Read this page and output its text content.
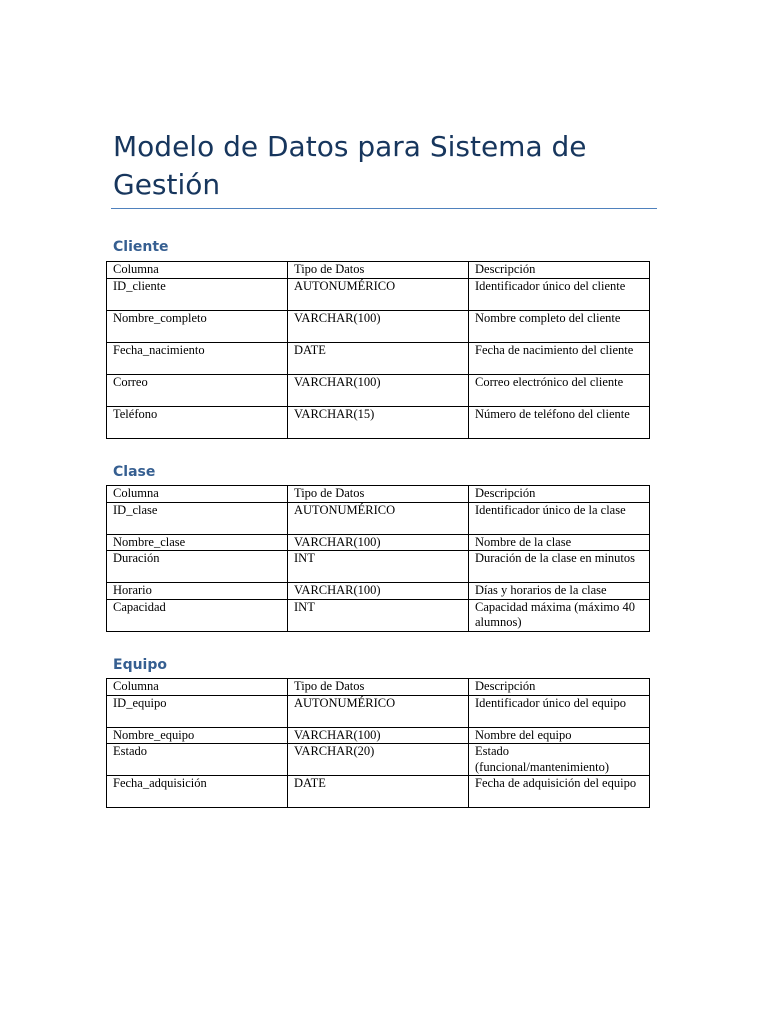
Modelo de Datos para Sistema de Gestión
Cliente
Columna	Tipo de Datos	Descripción
ID_cliente	AUTONUMÉRICO	Identificador único del cliente
Nombre_completo	VARCHAR(100)	Nombre completo del cliente
Fecha_nacimiento	DATE	Fecha de nacimiento del cliente
Correo	VARCHAR(100)	Correo electrónico del cliente
Teléfono	VARCHAR(15)	Número de teléfono del cliente
Clase
Columna	Tipo de Datos	Descripción
ID_clase	AUTONUMÉRICO	Identificador único de la clase
Nombre_clase	VARCHAR(100)	Nombre de la clase
Duración	INT	Duración de la clase en minutos
Horario	VARCHAR(100)	Días y horarios de la clase
Capacidad	INT	Capacidad máxima (máximo 40 alumnos)
Equipo
Columna	Tipo de Datos	Descripción
ID_equipo	AUTONUMÉRICO	Identificador único del equipo
Nombre_equipo	VARCHAR(100)	Nombre del equipo
Estado	VARCHAR(20)	Estado (funcional/mantenimiento)
Fecha_adquisición	DATE	Fecha de adquisición del equipo
